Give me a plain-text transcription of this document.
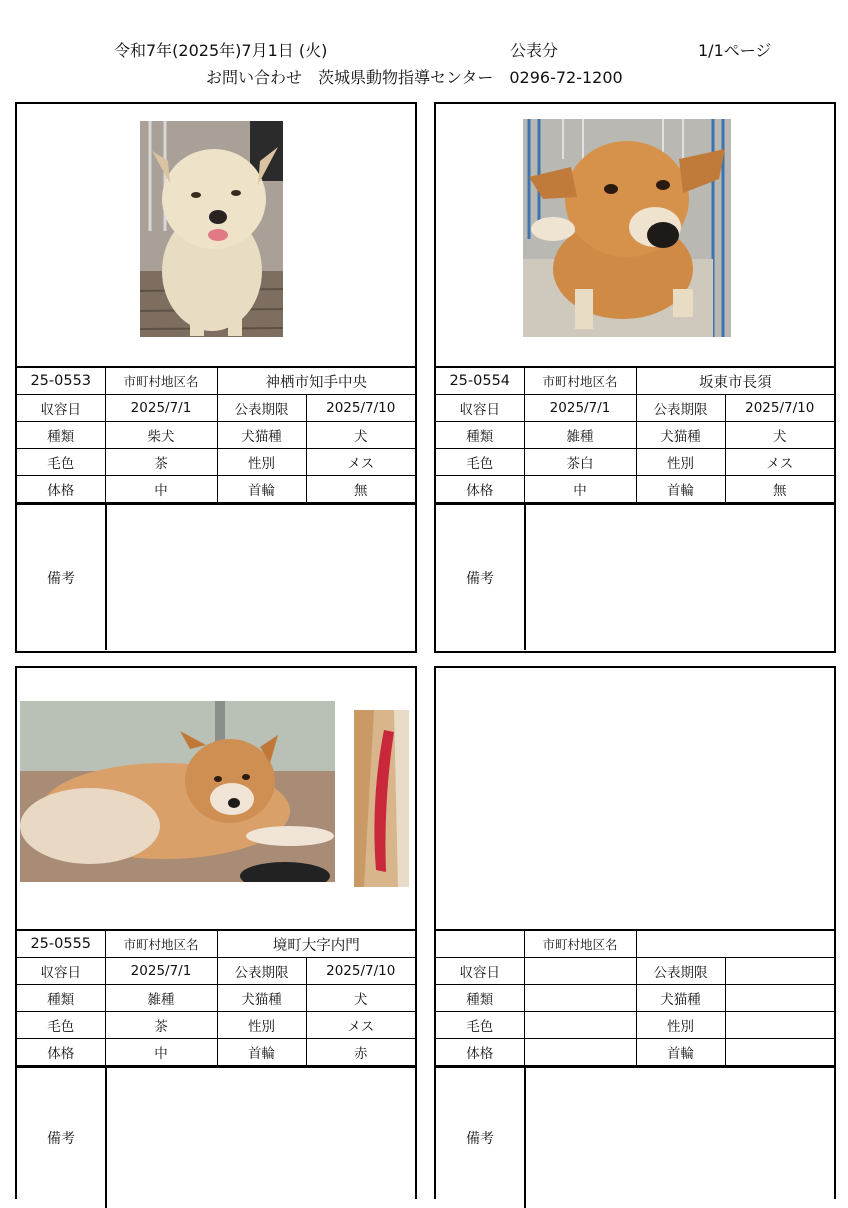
令和7年(2025年)7月1日 (火)	公表分	1/1ページ
お問い合わせ　茨城県動物指導センター　0296-72-1200
25-0553	市町村地区名	神栖市知手中央	
収容日	2025/7/1	公表期限	2025/7/10
種類	柴犬	犬猫種	犬
毛色	茶	性別	メス
体格	中	首輪	無
備考
25-0554	市町村地区名	坂東市長須	
収容日	2025/7/1	公表期限	2025/7/10
種類	雑種	犬猫種	犬
毛色	茶白	性別	メス
体格	中	首輪	無
備考
25-0555	市町村地区名	境町大字内門	
収容日	2025/7/1	公表期限	2025/7/10
種類	雑種	犬猫種	犬
毛色	茶	性別	メス
体格	中	首輪	赤
備考
	市町村地区名		
収容日		公表期限	
種類		犬猫種	
毛色		性別	
体格		首輪	
備考
